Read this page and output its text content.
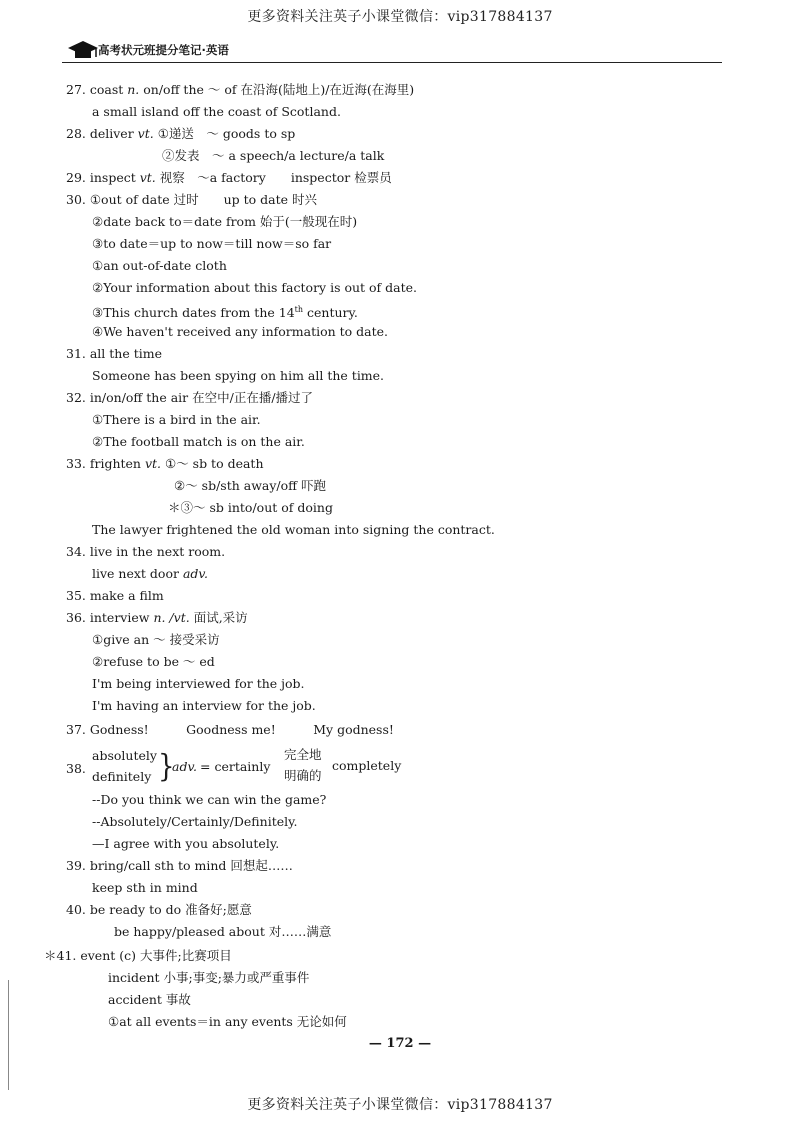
更多资料关注英子小课堂微信：vip317884137
高考状元班提分笔记·英语
27. coast n. on/off the ～ of 在沿海(陆地上)/在近海(在海里)
a small island off the coast of Scotland.
28. deliver vt. ①递送　～ goods to sp
②发表　～ a speech/a lecture/a talk
29. inspect vt. 视察　～a factory　　inspector 检票员
30. ①out of date 过时　　up to date 时兴
②date back to＝date from 始于(一般现在时)
③to date＝up to now＝till now＝so far
①an out-of-date cloth
②Your information about this factory is out of date.
③This church dates from the 14th century.
④We haven't received any information to date.
31. all the time
Someone has been spying on him all the time.
32. in/on/off the air 在空中/正在播/播过了
①There is a bird in the air.
②The football match is on the air.
33. frighten vt. ①～ sb to death
②～ sb/sth away/off 吓跑
＊③～ sb into/out of doing
The lawyer frightened the old woman into signing the contract.
34. live in the next room.
live next door adv.
35. make a film
36. interview n. /vt. 面试,采访
①give an ～ 接受采访
②refuse to be ～ ed
I'm being interviewed for the job.
I'm having an interview for the job.
37. Godness!　　　Goodness me!　　　My godness!
38.
absolutely
definitely }
adv. = certainly
完全地
明确的
completely
--Do you think we can win the game?
--Absolutely/Certainly/Definitely.
—I agree with you absolutely.
39. bring/call sth to mind 回想起……
keep sth in mind
40. be ready to do 准备好;愿意
be happy/pleased about 对……满意
＊41. event (c) 大事件;比赛项目
incident 小事;事变;暴力或严重事件
accident 事故
①at all events＝in any events 无论如何
— 172 —
更多资料关注英子小课堂微信：vip317884137
